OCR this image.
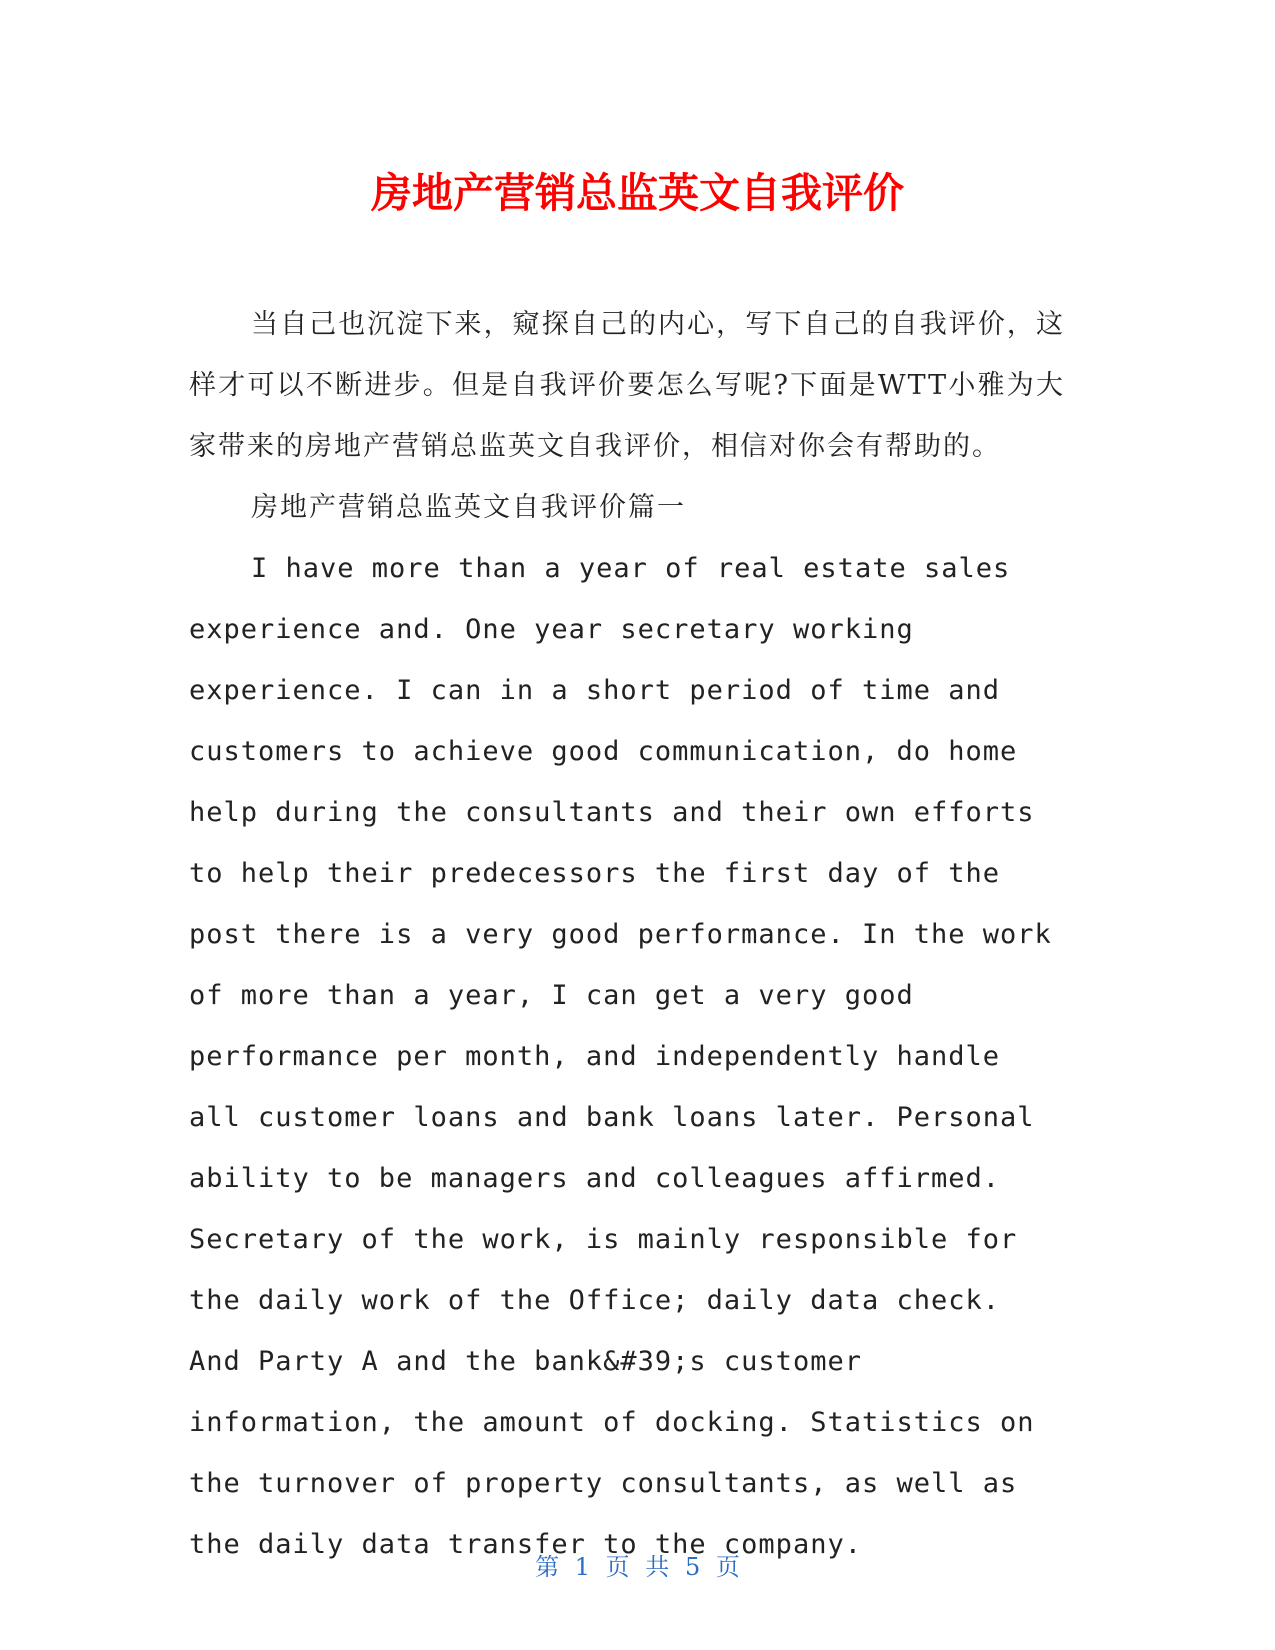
房地产营销总监英文自我评价

当自己也沉淀下来，窥探自己的内心，写下自己的自我评价，这样才可以不断进步。但是自我评价要怎么写呢?下面是WTT小雅为大家带来的房地产营销总监英文自我评价，相信对你会有帮助的。

房地产营销总监英文自我评价篇一

I have more than a year of real estate sales experience and. One year secretary working experience. I can in a short period of time and customers to achieve good communication, do home help during the consultants and their own efforts to help their predecessors the first day of the post there is a very good performance. In the work of more than a year, I can get a very good performance per month, and independently handle all customer loans and bank loans later. Personal ability to be managers and colleagues affirmed. Secretary of the work, is mainly responsible for the daily work of the Office; daily data check. And Party A and the bank&#39;s customer information, the amount of docking. Statistics on the turnover of property consultants, as well as the daily data transfer to the company.

第 1 页 共 5 页
